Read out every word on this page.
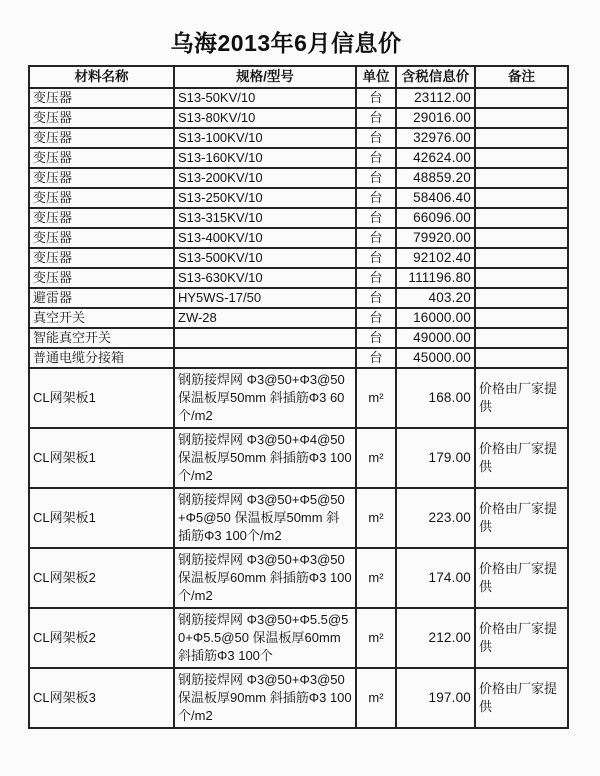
乌海2013年6月信息价
材料名称	规格/型号	单位	含税信息价	备注
变压器	S13-50KV/10	台	23112.00	
变压器	S13-80KV/10	台	29016.00	
变压器	S13-100KV/10	台	32976.00	
变压器	S13-160KV/10	台	42624.00	
变压器	S13-200KV/10	台	48859.20	
变压器	S13-250KV/10	台	58406.40	
变压器	S13-315KV/10	台	66096.00	
变压器	S13-400KV/10	台	79920.00	
变压器	S13-500KV/10	台	92102.40	
变压器	S13-630KV/10	台	111196.80	
避雷器	HY5WS-17/50	台	403.20	
真空开关	ZW-28	台	16000.00	
智能真空开关		台	49000.00	
普通电缆分接箱		台	45000.00	
CL网架板1	钢筋接焊网 Φ3@50+Φ3@50 保温板厚50mm 斜插筋Φ3 60个/m2	m²	168.00	价格由厂家提供
CL网架板1	钢筋接焊网 Φ3@50+Φ4@50 保温板厚50mm 斜插筋Φ3 100个/m2	m²	179.00	价格由厂家提供
CL网架板1	钢筋接焊网 Φ3@50+Φ5@50+Φ5@50 保温板厚50mm 斜插筋Φ3 100个/m2	m²	223.00	价格由厂家提供
CL网架板2	钢筋接焊网 Φ3@50+Φ3@50 保温板厚60mm 斜插筋Φ3 100个/m2	m²	174.00	价格由厂家提供
CL网架板2	钢筋接焊网 Φ3@50+Φ5.5@50+Φ5.5@50 保温板厚60mm 斜插筋Φ3 100个	m²	212.00	价格由厂家提供
CL网架板3	钢筋接焊网 Φ3@50+Φ3@50 保温板厚90mm 斜插筋Φ3 100个/m2	m²	197.00	价格由厂家提供
